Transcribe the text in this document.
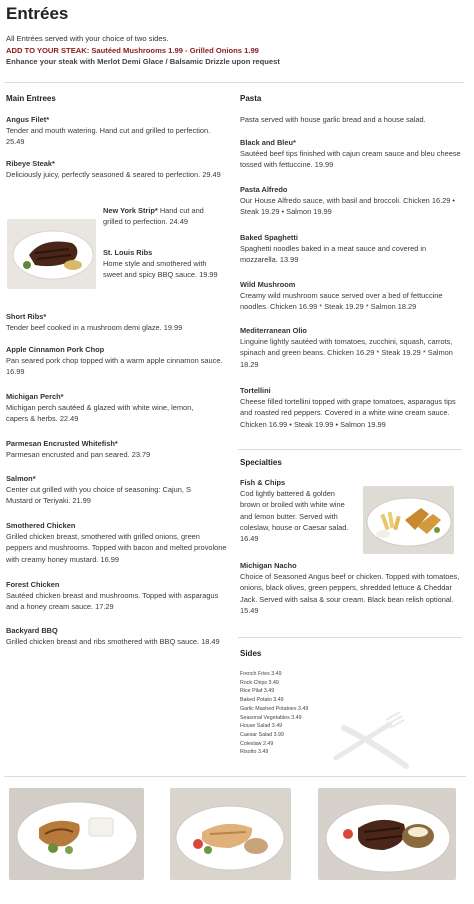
Entrées
All Entrées served with your choice of two sides.
ADD TO YOUR STEAK: Sautéed Mushrooms 1.99 - Grilled Onions 1.99
Enhance your steak with Merlot Demi Glace / Balsamic Drizzle upon request
Main Entrees
Angus Filet*
Tender and mouth watering. Hand cut and grilled to perfection. 25.49
Ribeye Steak*
Deliciously juicy, perfectly seasoned & seared to perfection. 29.49
New York Strip* Hand cut and
grilled to perfection. 24.49
St. Louis Ribs
Home style and smothered with sweet and spicy BBQ sauce. 19.99
Short Ribs*
Tender beef cooked in a mushroom demi glaze. 19.99
Apple Cinnamon Pork Chop
Pan seared pork chop topped with a warm apple cinnamon sauce. 16.99
Michigan Perch*
Michigan perch sautéed & glazed with white wine, lemon, capers & herbs. 22.49
Parmesan Encrusted Whitefish*
Parmesan encrusted and pan seared. 23.79
Salmon*
Center cut grilled with you choice of seasoning: Cajun, S Mustard or Teriyaki. 21.99
Smothered Chicken
Grilled chicken breast, smothered with grilled onions, green peppers and mushrooms. Topped with bacon and melted provolone with creamy honey mustard. 16.99
Forest Chicken
Sautéed chicken breast and mushrooms. Topped with asparagus and a honey cream sauce. 17.29
Backyard BBQ
Grilled chicken breast and ribs smothered with BBQ sauce. 18.49
Pasta
Pasta served with house garlic bread and a house salad.
Black and Bleu*
Sautéed beef tips finished with cajun cream sauce and bleu cheese tossed with fettuccine. 19.99
Pasta Alfredo
Our House Alfredo sauce, with basil and broccoli. Chicken 16.29 • Steak 19.29 • Salmon 19.99
Baked Spaghetti
Spaghetti noodles baked in a meat sauce and covered in mozzarella. 13.99
Wild Mushroom
Creamy wild mushroom sauce served over a bed of fettuccine noodles. Chicken 16.99 * Steak 19.29 * Salmon 18.29
Mediterranean Olio
Linguine lightly sautéed with tomatoes, zucchini, squash, carrots, spinach and green beans. Chicken 16.29 * Steak 19.29 * Salmon 18.29
Tortellini
Cheese filled tortellini topped with grape tomatoes, asparagus tips and roasted red peppers. Covered in a white wine cream sauce. Chicken 16.99 • Steak 19.99 • Salmon 19.99
Specialties
Fish & Chips
Cod lightly battered & golden brown or broiled with white wine and lemon butter. Served with coleslaw, house or Caesar salad. 16.49
Michigan Nacho
Choice of Seasoned Angus beef or chicken. Topped with tomatoes, onions, black olives, green peppers, shredded lettuce & Cheddar Jack. Served with salsa & sour cream. Black bean relish optional. 15.49
Sides
French Fries 3.49
Rock Chips 3.49
Rice Pilaf 3.49
Baked Potato 3.49
Garlic Mashed Potatoes 3.49
Seasonal Vegetables 3.49
House Salad 3.49
Caesar Salad 3.99
Coleslaw 2.49
Risotto 3.49
